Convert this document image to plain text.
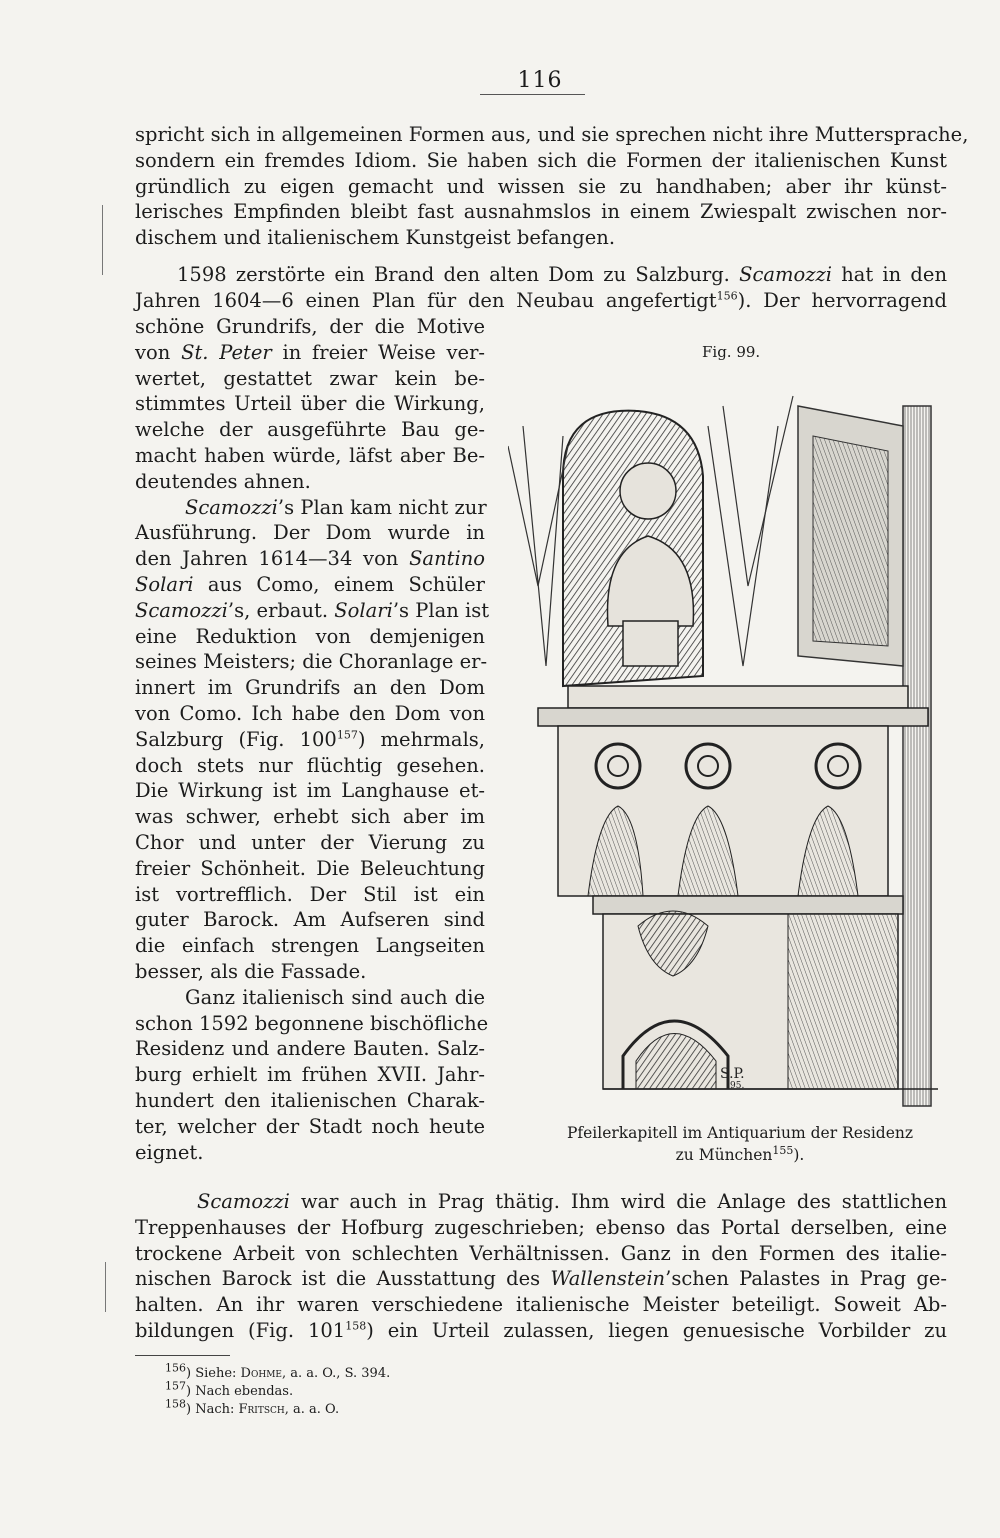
116
spricht sich in allgemeinen Formen aus, und sie sprechen nicht ihre Muttersprache,
sondern ein fremdes Idiom. Sie haben sich die Formen der italienischen Kunst
gründlich zu eigen gemacht und wissen sie zu handhaben; aber ihr künst-
lerisches Empfinden bleibt fast ausnahmslos in einem Zwiespalt zwischen nor-
dischem und italienischem Kunstgeist befangen.
1598 zerstörte ein Brand den alten Dom zu Salzburg. Scamozzi hat in den
Jahren 1604—6 einen Plan für den Neubau angefertigt$^{156}$). Der hervorragend
schöne Grundrifs, der die Motive
von St. Peter in freier Weise ver-
wertet, gestattet zwar kein be-
stimmtes Urteil über die Wirkung,
welche der ausgeführte Bau ge-
macht haben würde, läfst aber Be-
deutendes ahnen.
Scamozzi’s Plan kam nicht zur
Ausführung. Der Dom wurde in
den Jahren 1614—34 von Santino
Solari aus Como, einem Schüler
Scamozzi’s, erbaut. Solari’s Plan ist
eine Reduktion von demjenigen
seines Meisters; die Choranlage er-
innert im Grundrifs an den Dom
von Como. Ich habe den Dom von
Salzburg (Fig. $100^{157}$) mehrmals,
doch stets nur flüchtig gesehen.
Die Wirkung ist im Langhause et-
was schwer, erhebt sich aber im
Chor und unter der Vierung zu
freier Schönheit. Die Beleuchtung
ist vortrefflich. Der Stil ist ein
guter Barock. Am Aufseren sind
die einfach strengen Langseiten
besser, als die Fassade.
Ganz italienisch sind auch die
schon 1592 begonnene bischöfliche
Residenz und andere Bauten. Salz-
burg erhielt im frühen XVII. Jahr-
hundert den italienischen Charak-
ter, welcher der Stadt noch heute
eignet.
Fig. 99.
S.P.
95.
Pfeilerkapitell im Antiquarium der Residenz
zu München$^{155}$).
Scamozzi war auch in Prag thätig. Ihm wird die Anlage des stattlichen
Treppenhauses der Hofburg zugeschrieben; ebenso das Portal derselben, eine
trockene Arbeit von schlechten Verhältnissen. Ganz in den Formen des italie-
nischen Barock ist die Ausstattung des Wallenstein’schen Palastes in Prag ge-
halten. An ihr waren verschiedene italienische Meister beteiligt. Soweit Ab-
bildungen (Fig. $101^{158}$) ein Urteil zulassen, liegen genuesische Vorbilder zu
$^{156}$) Siehe: Dohme, a. a. O., S. 394.
$^{157}$) Nach ebendas.
$^{158}$) Nach: Fritsch, a. a. O.
